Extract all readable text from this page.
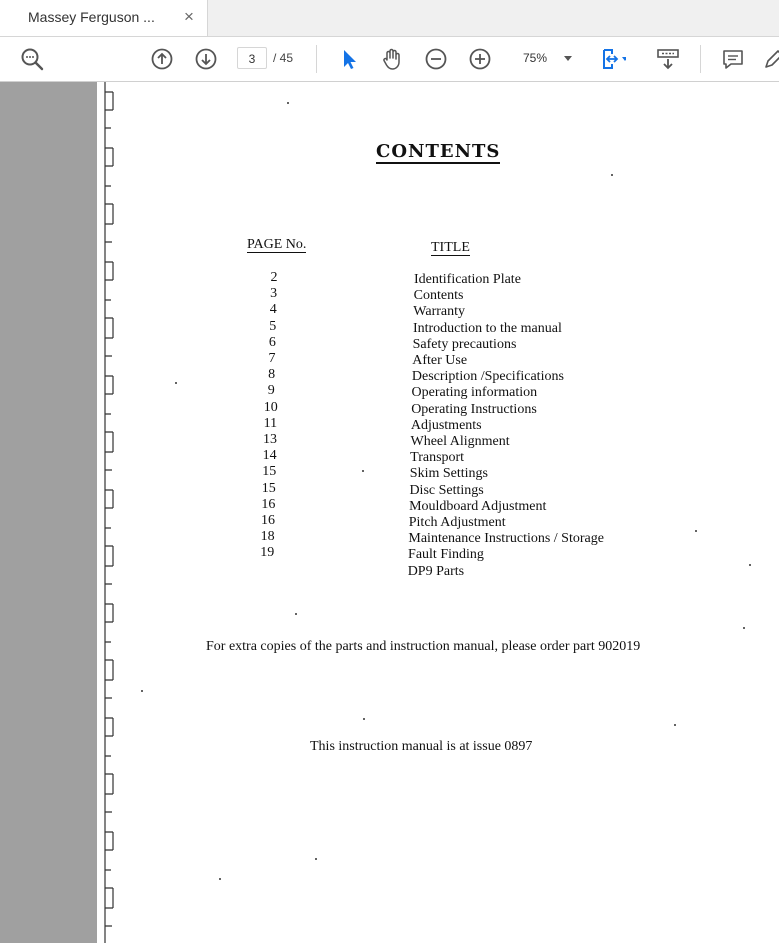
Massey Ferguson ... ×
3	/ 45	75%
CONTENTS
PAGE No.	TITLE
2	Identification Plate
3	Contents
4	Warranty
5	Introduction to the manual
6	Safety precautions
7	After Use
8	Description /Specifications
9	Operating information
10	Operating Instructions
11	Adjustments
13	Wheel Alignment
14	Transport
15	Skim Settings
15	Disc Settings
16	Mouldboard Adjustment
16	Pitch Adjustment
18	Maintenance Instructions / Storage
19	Fault Finding
DP9 Parts
For extra copies of the parts and instruction manual, please order part 902019
This instruction manual is at issue 0897
